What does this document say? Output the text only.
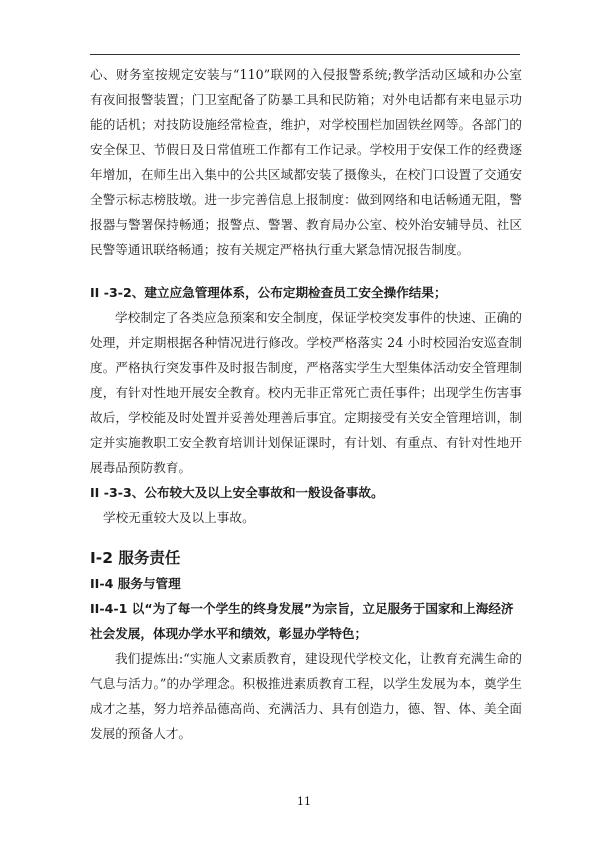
心、财务室按规定安装与“110”联网的入侵报警系统;教学活动区域和办公室有夜间报警装置；门卫室配备了防暴工具和民防箱；对外电话都有来电显示功能的话机；对技防设施经常检查，维护，对学校围栏加固铁丝网等。各部门的安全保卫、节假日及日常值班工作都有工作记录。学校用于安保工作的经费逐年增加，在师生出入集中的公共区域都安装了摄像头，在校门口设置了交通安全警示标志榜肢墩。进一步完善信息上报制度：做到网络和电话畅通无阻，警报器与警署保持畅通；报警点、警署、教育局办公室、校外治安辅导员、社区民警等通讯联络畅通；按有关规定严格执行重大紧急情况报告制度。

II -3-2、建立应急管理体系，公布定期检查员工安全操作结果；

学校制定了各类应急预案和安全制度，保证学校突发事件的快速、正确的处理，并定期根据各种情况进行修改。学校严格落实 24 小时校园治安巡查制度。严格执行突发事件及时报告制度，严格落实学生大型集体活动安全管理制度，有针对性地开展安全教育。校内无非正常死亡责任事件；出现学生伤害事故后，学校能及时处置并妥善处理善后事宜。定期接受有关安全管理培训，制定并实施教职工安全教育培训计划保证课时，有计划、有重点、有针对性地开展毒品预防教育。

II -3-3、公布较大及以上安全事故和一般设备事故。

学校无重较大及以上事故。

I-2 服务责任

II-4 服务与管理

II-4-1 以“为了每一个学生的终身发展”为宗旨，立足服务于国家和上海经济社会发展，体现办学水平和绩效，彰显办学特色；

我们提炼出:“实施人文素质教育，建设现代学校文化，让教育充满生命的气息与活力。”的办学理念。积极推进素质教育工程，以学生发展为本，奠学生成才之基，努力培养品德高尚、充满活力、具有创造力，德、智、体、美全面发展的预备人才。

11
